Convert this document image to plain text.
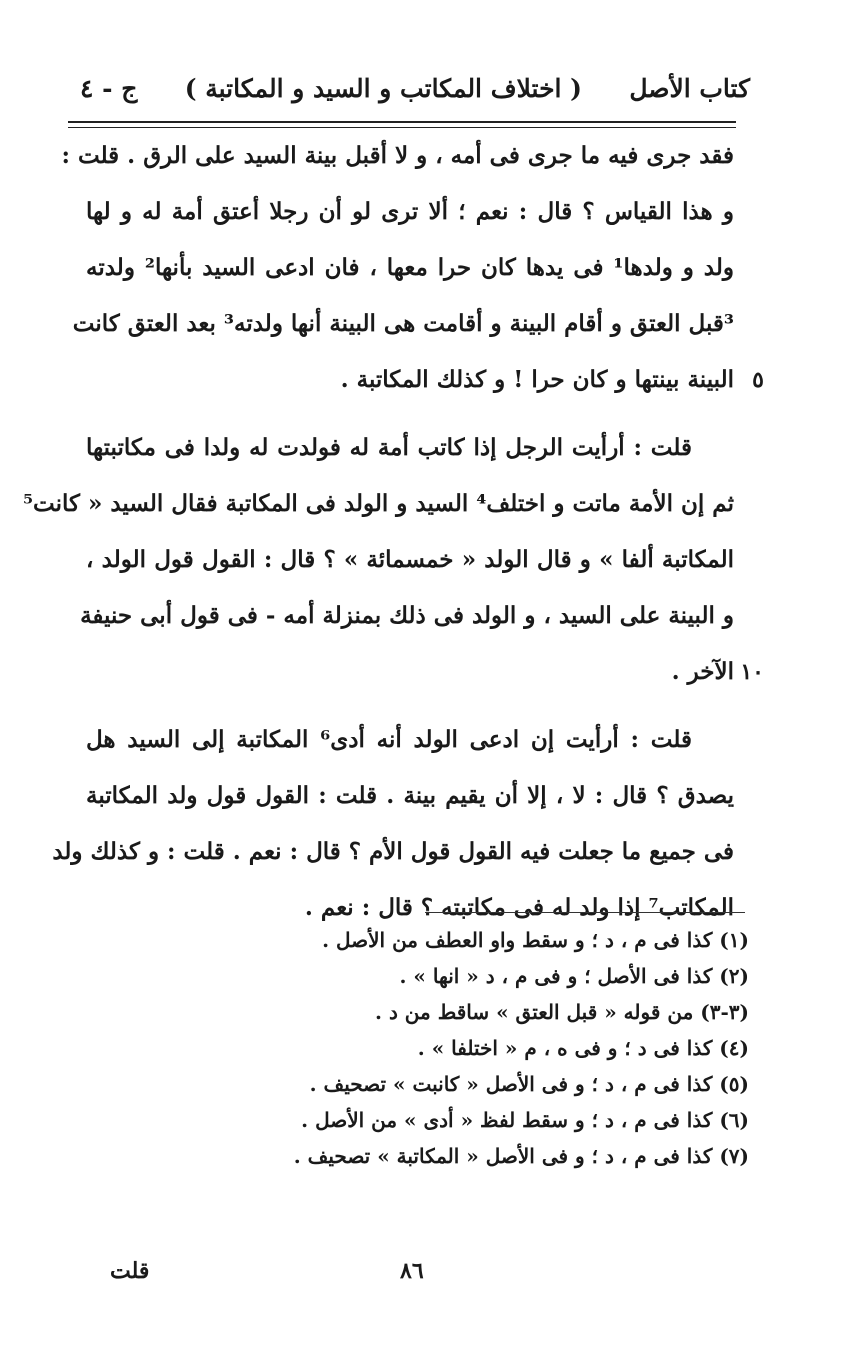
كتاب الأصل
( اختلاف المكاتب و السيد و المكاتبة )
ج - ٤
فقد جرى فيه ما جرى فى أمه ، و لا أقبل بينة السيد على الرق . قلت :
و هذا القياس ؟ قال : نعم ؛ ألا ترى لو أن رجلا أعتق أمة له و لها
ولد و ولدها¹ فى يدها كان حرا معها ، فان ادعى السيد بأنها² ولدته
³قبل العتق و أقام البينة و أقامت هى البينة أنها ولدته³ بعد العتق كانت
البينة بينتها و كان حرا ! و كذلك المكاتبة . ٥
قلت : أرأيت الرجل إذا كاتب أمة له فولدت له ولدا فى مكاتبتها
ثم إن الأمة ماتت و اختلف⁴ السيد و الولد فى المكاتبة فقال السيد « كانت⁵
المكاتبة ألفا » و قال الولد « خمسمائة » ؟ قال : القول قول الولد ،
و البينة على السيد ، و الولد فى ذلك بمنزلة أمه - فى قول أبى حنيفة
الآخر . ١٠
قلت : أرأيت إن ادعى الولد أنه أدى⁶ المكاتبة إلى السيد هل
يصدق ؟ قال : لا ، إلا أن يقيم بينة . قلت : القول قول ولد المكاتبة
فى جميع ما جعلت فيه القول قول الأم ؟ قال : نعم . قلت : و كذلك ولد
المكاتب⁷ إذا ولد له فى مكاتبته ؟ قال : نعم .
(١) كذا فى م ، د ؛ و سقط واو العطف من الأصل .
(٢) كذا فى الأصل ؛ و فى م ، د « انها » .
(٣-٣) من قوله « قبل العتق » ساقط من د .
(٤) كذا فى د ؛ و فى ه ، م « اختلفا » .
(٥) كذا فى م ، د ؛ و فى الأصل « كانبت » تصحيف .
(٦) كذا فى م ، د ؛ و سقط لفظ « أدى » من الأصل .
(٧) كذا فى م ، د ؛ و فى الأصل « المكاتبة » تصحيف .
قلت	٨٦
